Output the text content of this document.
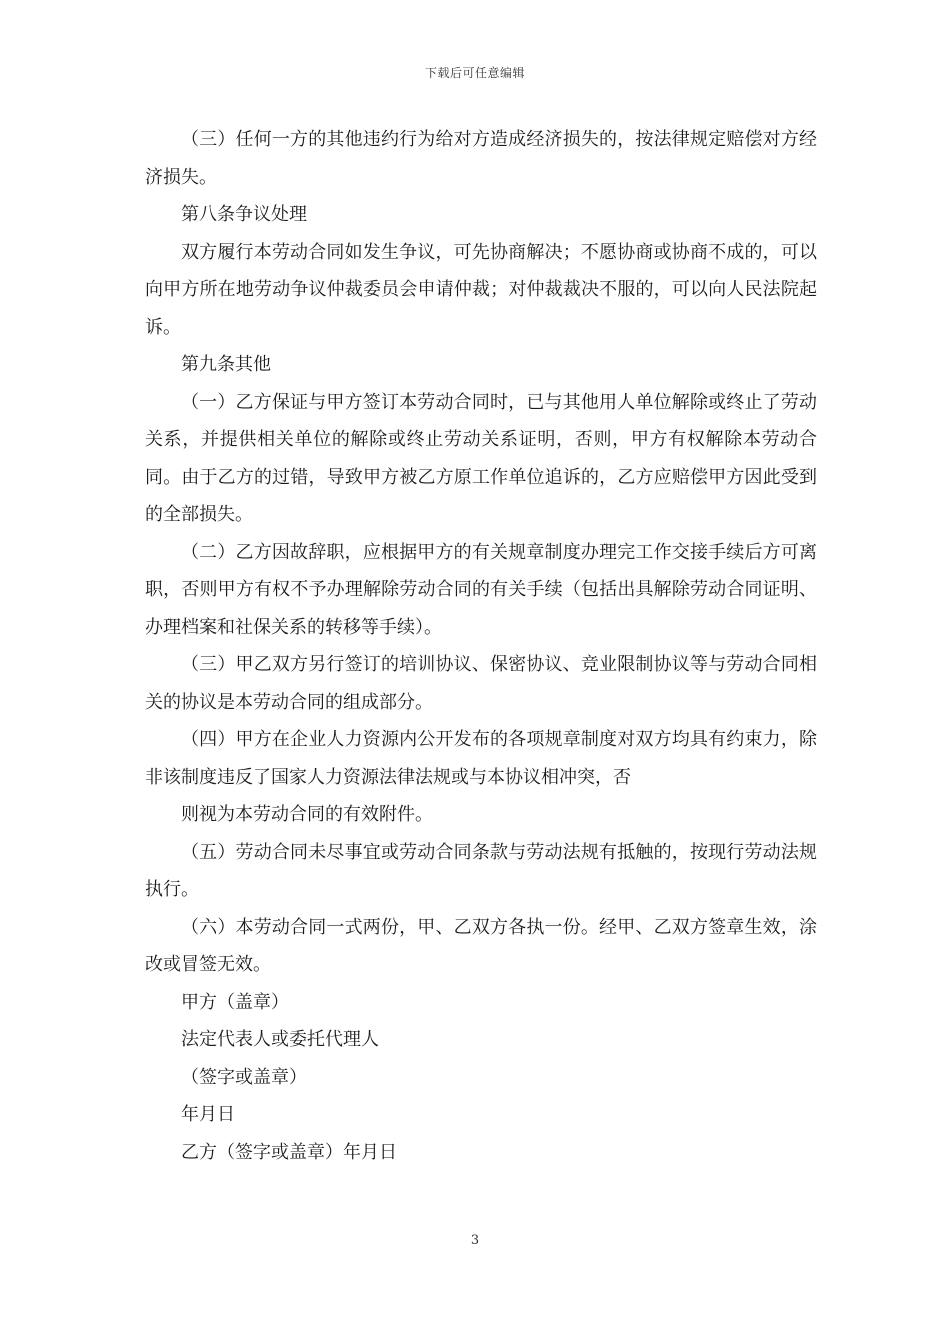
下载后可任意编辑

（三）任何一方的其他违约行为给对方造成经济损失的，按法律规定赔偿对方经济损失。

第八条争议处理

双方履行本劳动合同如发生争议，可先协商解决；不愿协商或协商不成的，可以向甲方所在地劳动争议仲裁委员会申请仲裁；对仲裁裁决不服的，可以向人民法院起诉。

第九条其他

（一）乙方保证与甲方签订本劳动合同时，已与其他用人单位解除或终止了劳动关系，并提供相关单位的解除或终止劳动关系证明，否则，甲方有权解除本劳动合同。由于乙方的过错，导致甲方被乙方原工作单位追诉的，乙方应赔偿甲方因此受到的全部损失。

（二）乙方因故辞职，应根据甲方的有关规章制度办理完工作交接手续后方可离职，否则甲方有权不予办理解除劳动合同的有关手续（包括出具解除劳动合同证明、办理档案和社保关系的转移等手续）。

（三）甲乙双方另行签订的培训协议、保密协议、竞业限制协议等与劳动合同相关的协议是本劳动合同的组成部分。

（四）甲方在企业人力资源内公开发布的各项规章制度对双方均具有约束力，除非该制度违反了国家人力资源法律法规或与本协议相冲突，否

则视为本劳动合同的有效附件。

（五）劳动合同未尽事宜或劳动合同条款与劳动法规有抵触的，按现行劳动法规执行。

（六）本劳动合同一式两份，甲、乙双方各执一份。经甲、乙双方签章生效，涂改或冒签无效。

甲方（盖章）

法定代表人或委托代理人

（签字或盖章）

年月日

乙方（签字或盖章）年月日

3
